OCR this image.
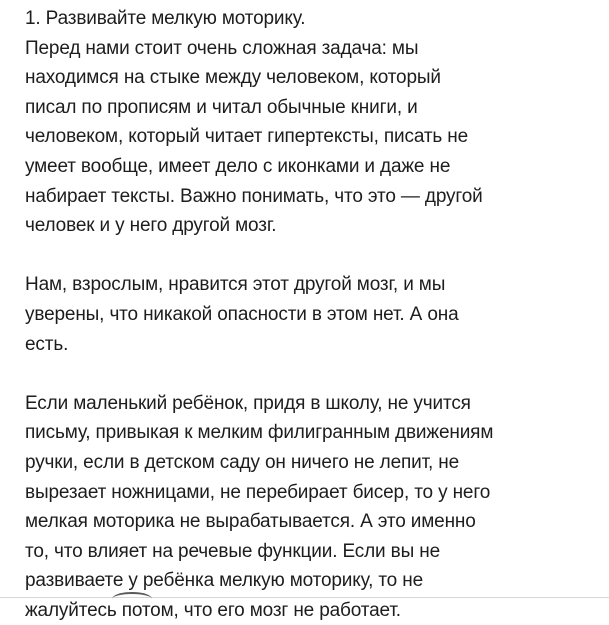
1. Развивайте мелкую моторику.

Перед нами стоит очень сложная задача: мы
находимся на стыке между человеком, который
писал по прописям и читал обычные книги, и
человеком, который читает гипертексты, писать не
умеет вообще, имеет дело с иконками и даже не
набирает тексты. Важно понимать, что это — другой
человек и у него другой мозг.

Нам, взрослым, нравится этот другой мозг, и мы
уверены, что никакой опасности в этом нет. А она
есть.

Если маленький ребёнок, придя в школу, не учится
письму, привыкая к мелким филигранным движениям
ручки, если в детском саду он ничего не лепит, не
вырезает ножницами, не перебирает бисер, то у него
мелкая моторика не вырабатывается. А это именно
то, что влияет на речевые функции. Если вы не
развиваете у ребёнка мелкую моторику, то не
жалуйтесь потом, что его мозг не работает.
